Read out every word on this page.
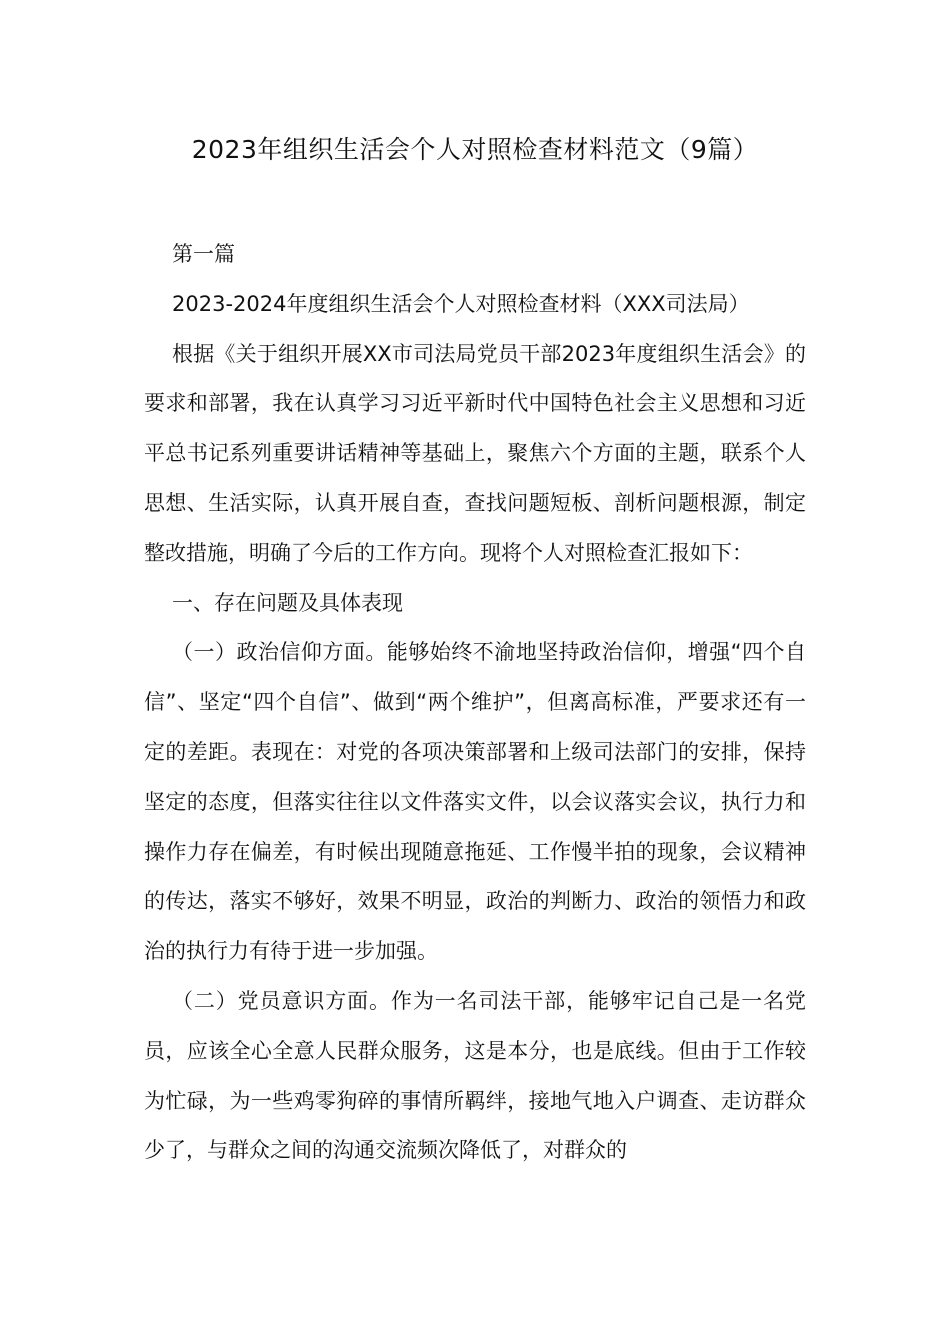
2023年组织生活会个人对照检查材料范文（9篇）

第一篇

2023-2024年度组织生活会个人对照检查材料（XXX司法局）

根据《关于组织开展XX市司法局党员干部2023年度组织生活会》的要求和部署，我在认真学习习近平新时代中国特色社会主义思想和习近平总书记系列重要讲话精神等基础上，聚焦六个方面的主题，联系个人思想、生活实际，认真开展自查，查找问题短板、剖析问题根源，制定整改措施，明确了今后的工作方向。现将个人对照检查汇报如下：

一、存在问题及具体表现

（一）政治信仰方面。能够始终不渝地坚持政治信仰，增强“四个自信”、坚定“四个自信”、做到“两个维护”，但离高标准，严要求还有一定的差距。表现在：对党的各项决策部署和上级司法部门的安排，保持坚定的态度，但落实往往以文件落实文件，以会议落实会议，执行力和操作力存在偏差，有时候出现随意拖延、工作慢半拍的现象，会议精神的传达，落实不够好，效果不明显，政治的判断力、政治的领悟力和政治的执行力有待于进一步加强。

（二）党员意识方面。作为一名司法干部，能够牢记自己是一名党员，应该全心全意人民群众服务，这是本分，也是底线。但由于工作较为忙碌，为一些鸡零狗碎的事情所羁绊，接地气地入户调查、走访群众少了，与群众之间的沟通交流频次降低了，对群众的
